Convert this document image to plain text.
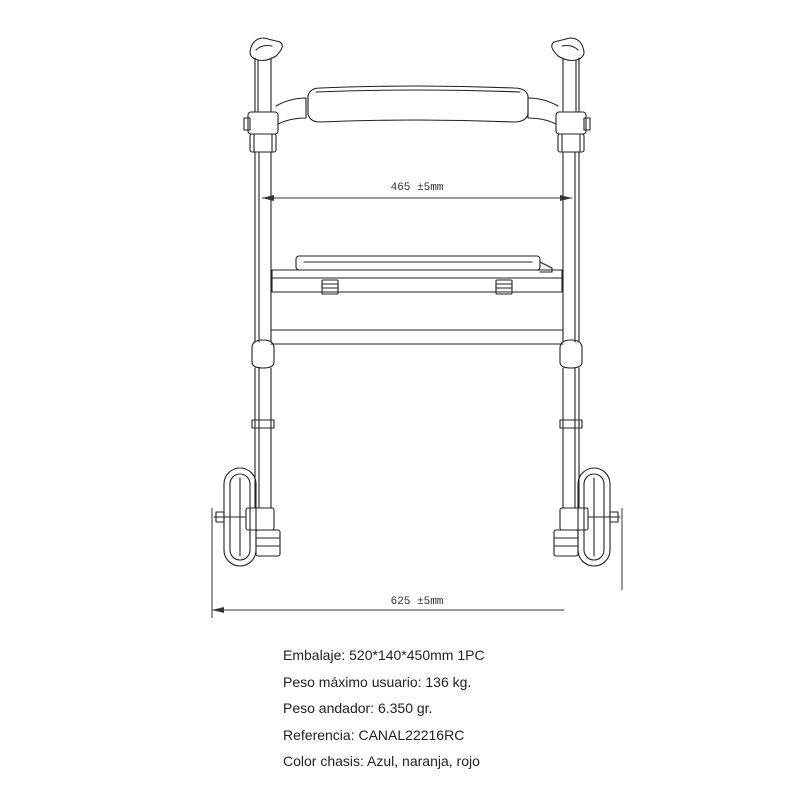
465 ±5mm
625 ±5mm
Embalaje: 520*140*450mm 1PC
Peso máximo usuario: 136 kg.
Peso andador: 6.350 gr.
Referencia: CANAL22216RC
Color chasis: Azul, naranja, rojo
